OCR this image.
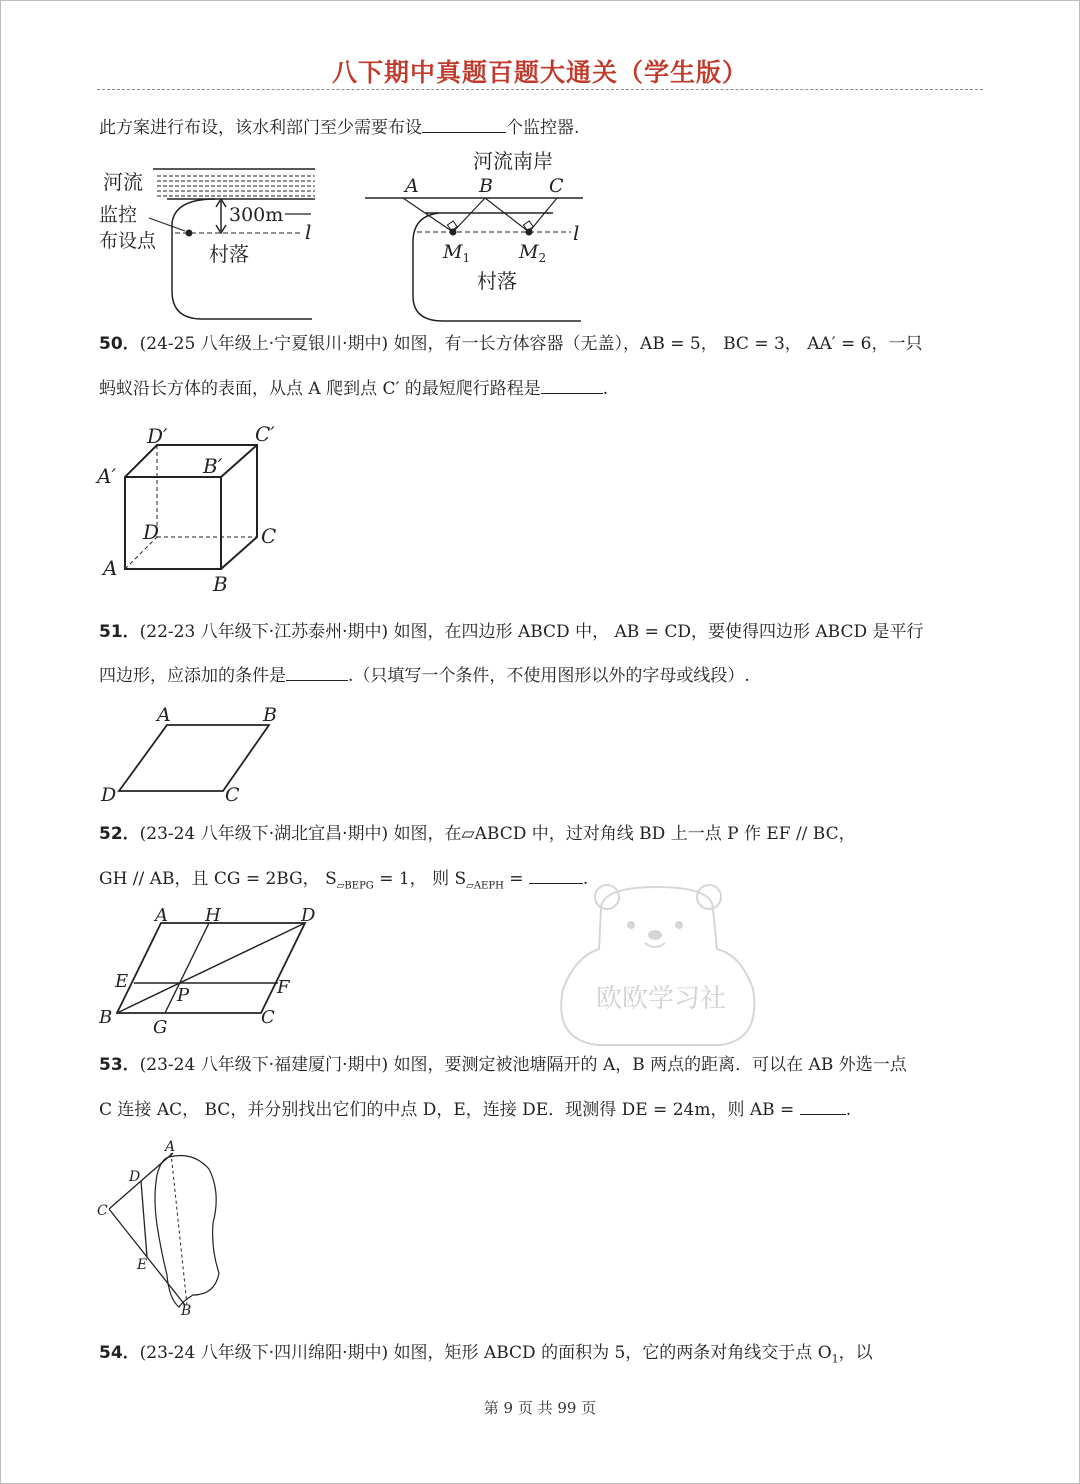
八下期中真题百题大通关（学生版）
此方案进行布设，该水利部门至少需要布设	个监控器.
河流
监控
布设点
300m
l
村落
河流南岸
A	B	C
l
$M_1$	$M_2$
村落
50．(24-25 八年级上·宁夏银川·期中) 如图，有一长方体容器（无盖），AB = 5， BC = 3， AA′ = 6，一只
蚂蚁沿长方体的表面，从点 A 爬到点 C′ 的最短爬行路程是	.
D′	C′
B′
A′
D	C
A
B
51．(22-23 八年级下·江苏泰州·期中) 如图，在四边形 ABCD 中， AB = CD，要使得四边形 ABCD 是平行
四边形，应添加的条件是	.（只填写一个条件，不使用图形以外的字母或线段）.
A	B
D	C
52．(23-24 八年级下·湖北宜昌·期中) 如图，在▱ABCD 中，过对角线 BD 上一点 P 作 EF // BC，
GH // AB，且 CG = 2BG， $S_{▱BEPG} = 1$， 则 $S_{▱AEPH}$ =	.
A H	D
E
P	F
B G	C
欧欧学习社
53．(23-24 八年级下·福建厦门·期中) 如图，要测定被池塘隔开的 A，B 两点的距离．可以在 AB 外选一点
C 连接 AC， BC，并分别找出它们的中点 D，E，连接 DE．现测得 DE = 24m，则 AB =	.
A
D
C
E
B
54．(23-24 八年级下·四川绵阳·期中) 如图，矩形 ABCD 的面积为 5，它的两条对角线交于点 $O_1$，以
第 9 页 共 99 页
